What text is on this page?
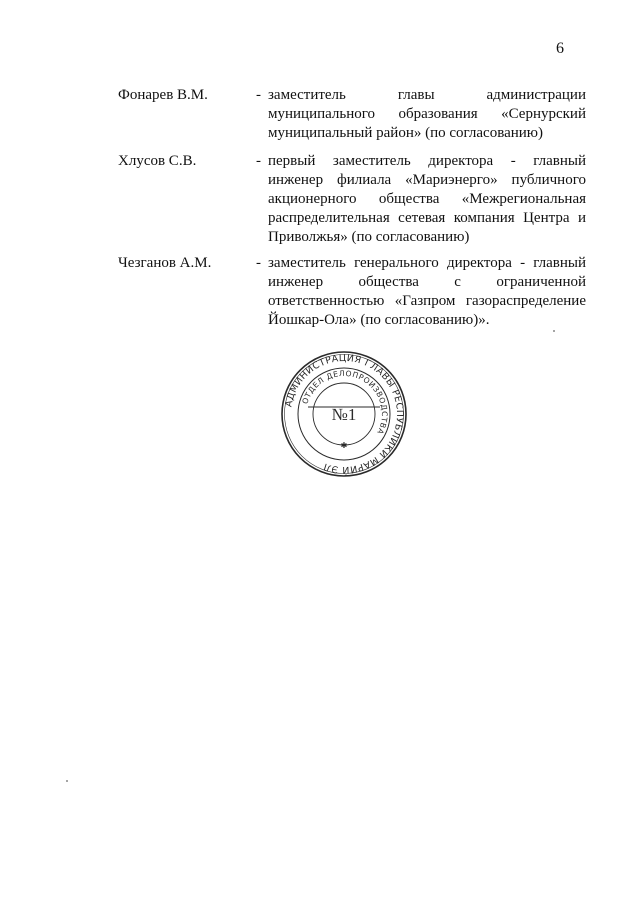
6
Фонарев В.М.	- заместитель главы администрации
муниципального образования «Сернурский
муниципальный район» (по согласованию)
Хлусов С.В.	- первый заместитель директора - главный
инженер филиала «Мариэнерго» публичного
акционерного общества «Межрегиональная
распределительная сетевая компания Центра и
Приволжья» (по согласованию)
Чезганов А.М.	- заместитель генерального директора - главный
инженер общества с ограниченной
ответственностью «Газпром газораспределение
Йошкар-Ола» (по согласованию)».
АДМИНИСТРАЦИЯ ГЛАВЫ РЕСПУБЛИКИ МАРИЙ ЭЛ
ОТДЕЛ ДЕЛОПРОИЗВОДСТВА
№1
✱
